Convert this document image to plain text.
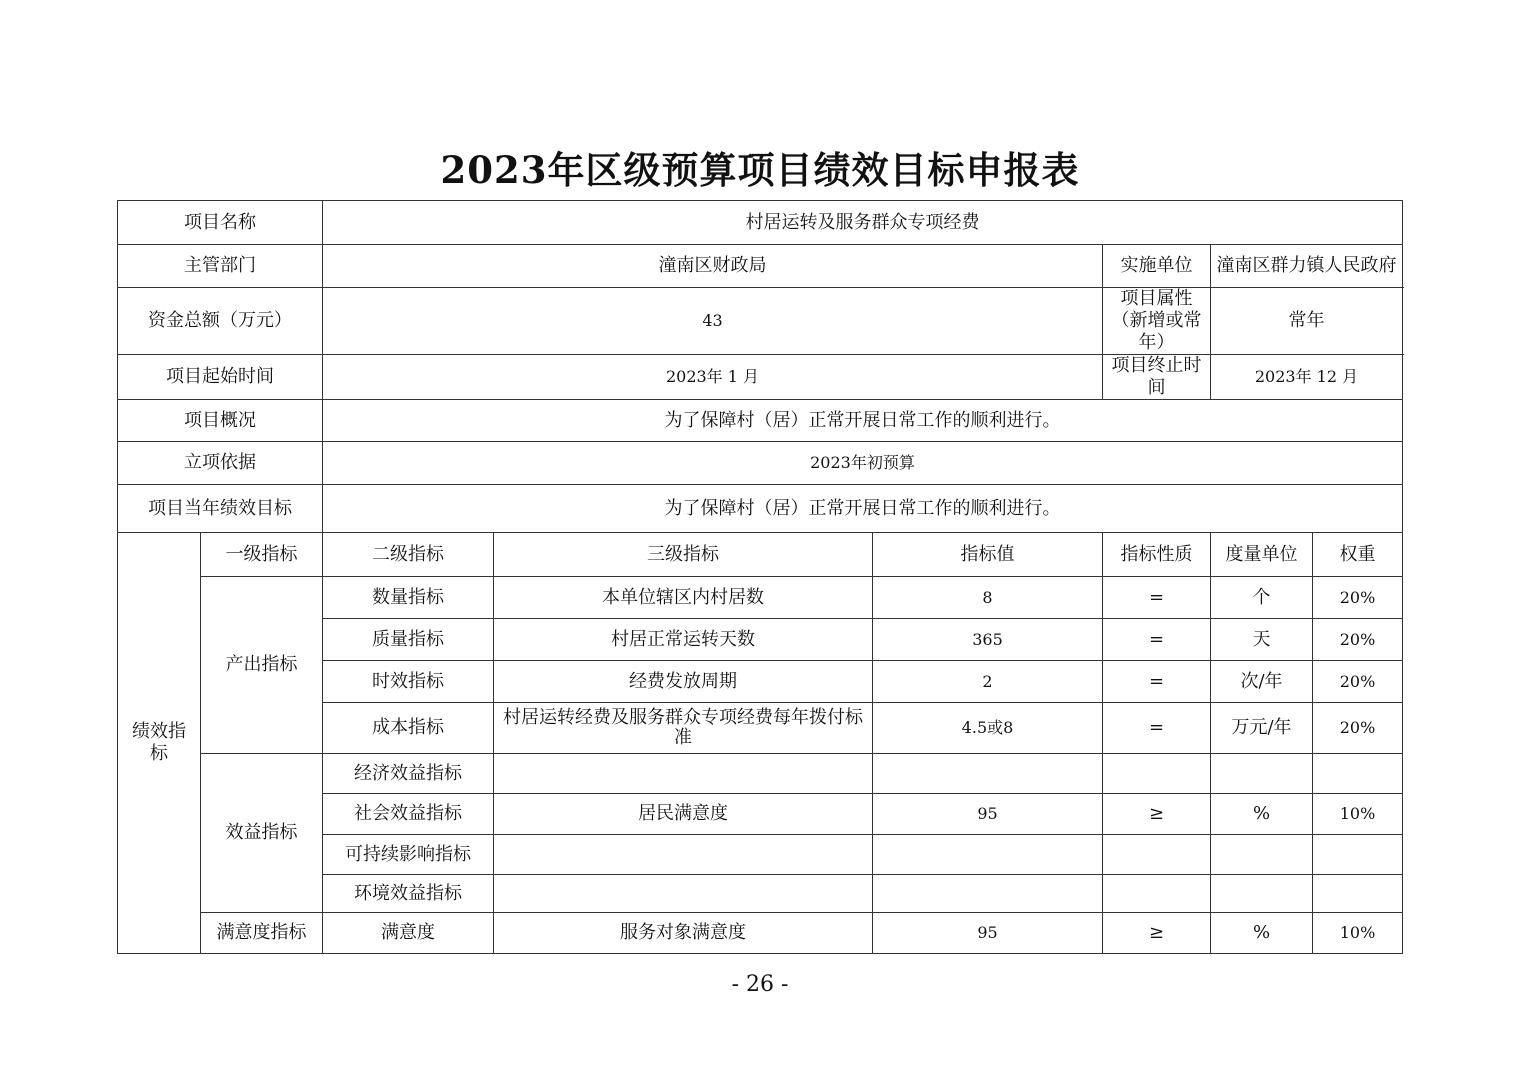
2023年区级预算项目绩效目标申报表
项目名称		村居运转及服务群众专项经费					
主管部门		潼南区财政局			实施单位	潼南区群力镇人民政府	
资金总额（万元）		43			项目属性（新增或常年）	常年	
项目起始时间		2023年 1 月			项目终止时间	2023年 12 月	
项目概况		为了保障村（居）正常开展日常工作的顺利进行。					
立项依据		2023年初预算					
项目当年绩效目标		为了保障村（居）正常开展日常工作的顺利进行。					
绩效指标	一级指标	二级指标	三级指标	指标值	指标性质	度量单位	权重
	产出指标	数量指标	本单位辖区内村居数	8	=	个	20%
		质量指标	村居正常运转天数	365	=	天	20%
		时效指标	经费发放周期	2	=	次/年	20%
		成本指标	村居运转经费及服务群众专项经费每年拨付标准	4.5或8	=	万元/年	20%
	效益指标	经济效益指标					
		社会效益指标	居民满意度	95	≥	%	10%
		可持续影响指标					
		环境效益指标					
	满意度指标	满意度	服务对象满意度	95	≥	%	10%
- 26 -
